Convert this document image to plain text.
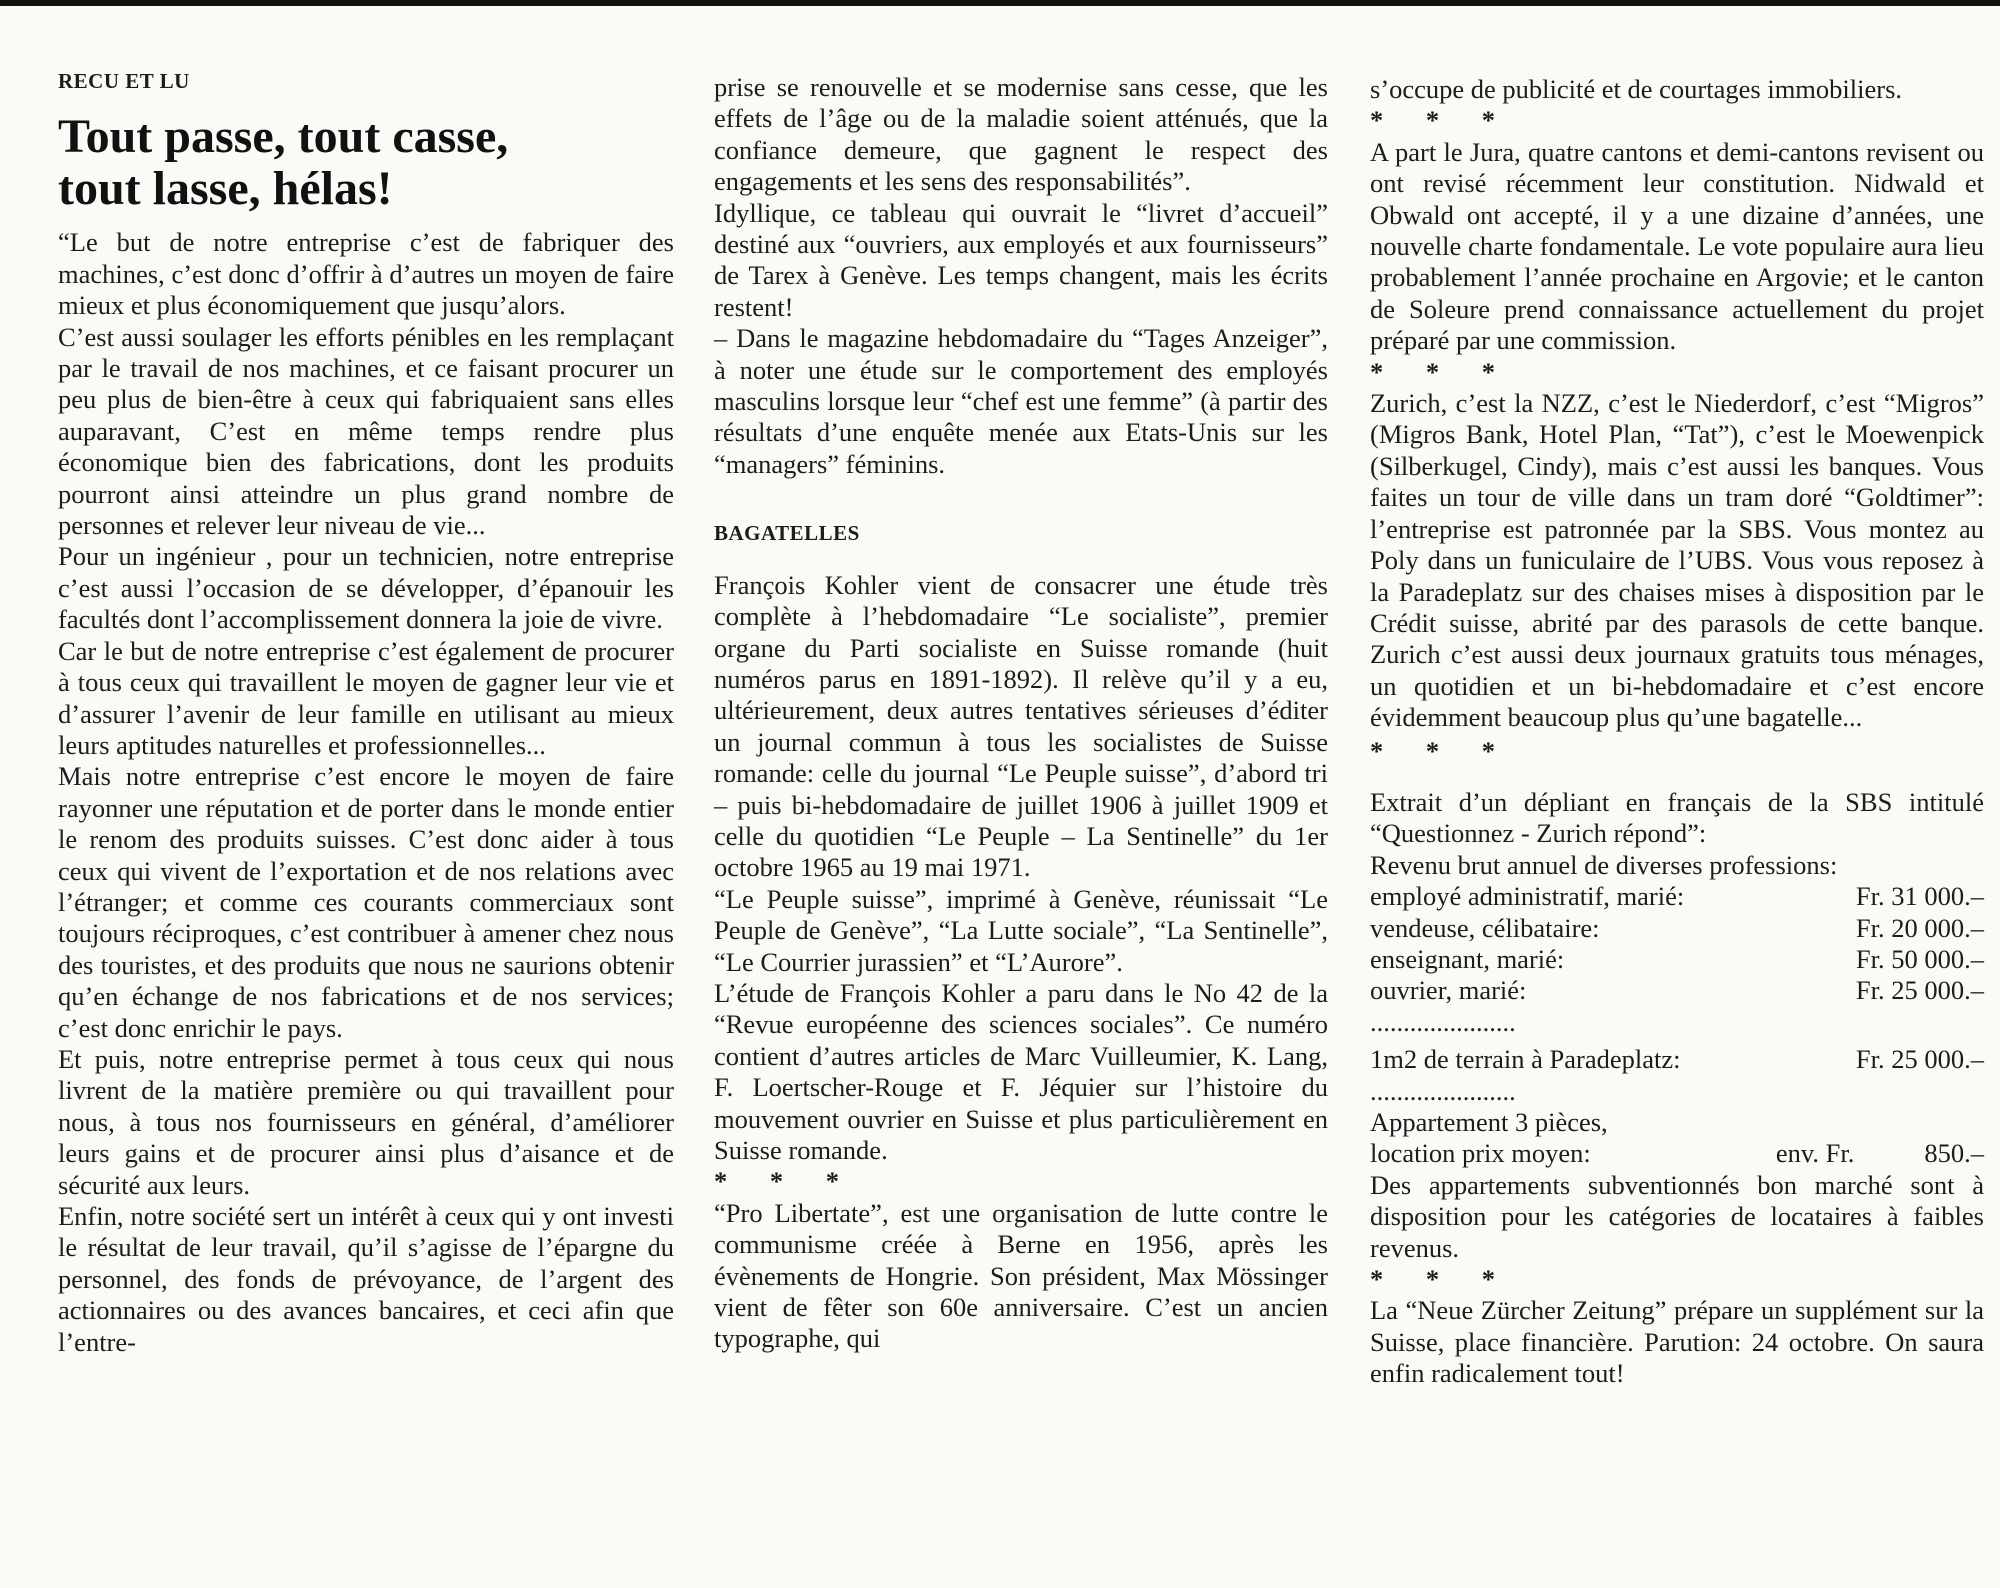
RECU ET LU
Tout passe, tout casse,
tout lasse, hélas!

“Le but de notre entreprise c’est de fabriquer des machines, c’est donc d’offrir à d’autres un moyen de faire mieux et plus économiquement que jusqu’alors.

C’est aussi soulager les efforts pénibles en les remplaçant par le travail de nos machines, et ce faisant procurer un peu plus de bien-être à ceux qui fabriquaient sans elles auparavant, C’est en même temps rendre plus économique bien des fabrications, dont les produits pourront ainsi atteindre un plus grand nombre de personnes et relever leur niveau de vie...

Pour un ingénieur , pour un technicien, notre entreprise c’est aussi l’occasion de se développer, d’épanouir les facultés dont l’accomplissement donnera la joie de vivre.

Car le but de notre entreprise c’est également de procurer à tous ceux qui travaillent le moyen de gagner leur vie et d’assurer l’avenir de leur famille en utilisant au mieux leurs aptitudes naturelles et professionnelles...

Mais notre entreprise c’est encore le moyen de faire rayonner une réputation et de porter dans le monde entier le renom des produits suisses. C’est donc aider à tous ceux qui vivent de l’exportation et de nos relations avec l’étranger; et comme ces courants commerciaux sont toujours réciproques, c’est contribuer à amener chez nous des touristes, et des produits que nous ne saurions obtenir qu’en échange de nos fabrications et de nos services; c’est donc enrichir le pays.

Et puis, notre entreprise permet à tous ceux qui nous livrent de la matière première ou qui travaillent pour nous, à tous nos fournisseurs en général, d’améliorer leurs gains et de procurer ainsi plus d’aisance et de sécurité aux leurs.

Enfin, notre société sert un intérêt à ceux qui y ont investi le résultat de leur travail, qu’il s’agisse de l’épargne du personnel, des fonds de prévoyance, de l’argent des actionnaires ou des avances bancaires, et ceci afin que l’entre-

prise se renouvelle et se modernise sans cesse, que les effets de l’âge ou de la maladie soient atténués, que la confiance demeure, que gagnent le respect des engagements et les sens des responsabilités”.

Idyllique, ce tableau qui ouvrait le “livret d’accueil” destiné aux “ouvriers, aux employés et aux fournisseurs” de Tarex à Genève. Les temps changent, mais les écrits restent!

– Dans le magazine hebdomadaire du “Tages Anzeiger”, à noter une étude sur le comportement des employés masculins lorsque leur “chef est une femme” (à partir des résultats d’une enquête menée aux Etats-Unis sur les “managers” féminins.

BAGATELLES

François Kohler vient de consacrer une étude très complète à l’hebdomadaire “Le socialiste”, premier organe du Parti socialiste en Suisse romande (huit numéros parus en 1891-1892). Il relève qu’il y a eu, ultérieurement, deux autres tentatives sérieuses d’éditer un journal commun à tous les socialistes de Suisse romande: celle du journal “Le Peuple suisse”, d’abord tri – puis bi-hebdomadaire de juillet 1906 à juillet 1909 et celle du quotidien “Le Peuple – La Sentinelle” du 1er octobre 1965 au 19 mai 1971.

“Le Peuple suisse”, imprimé à Genève, réunissait “Le Peuple de Genève”, “La Lutte sociale”, “La Sentinelle”, “Le Courrier jurassien” et “L’Aurore”.

L’étude de François Kohler a paru dans le No 42 de la “Revue européenne des sciences sociales”. Ce numéro contient d’autres articles de Marc Vuilleumier, K. Lang, F. Loertscher-Rouge et F. Jéquier sur l’histoire du mouvement ouvrier en Suisse et plus particulièrement en Suisse romande.

* * *

“Pro Libertate”, est une organisation de lutte contre le communisme créée à Berne en 1956, après les évènements de Hongrie. Son président, Max Mössinger vient de fêter son 60e anniversaire. C’est un ancien typographe, qui

s’occupe de publicité et de courtages immobiliers.

* * *

A part le Jura, quatre cantons et demi-cantons revisent ou ont revisé récemment leur constitution. Nidwald et Obwald ont accepté, il y a une dizaine d’années, une nouvelle charte fondamentale. Le vote populaire aura lieu probablement l’année prochaine en Argovie; et le canton de Soleure prend connaissance actuellement du projet préparé par une commission.

* * *

Zurich, c’est la NZZ, c’est le Niederdorf, c’est “Migros” (Migros Bank, Hotel Plan, “Tat”), c’est le Moewenpick (Silberkugel, Cindy), mais c’est aussi les banques. Vous faites un tour de ville dans un tram doré “Goldtimer”: l’entreprise est patronnée par la SBS. Vous montez au Poly dans un funiculaire de l’UBS. Vous vous reposez à la Paradeplatz sur des chaises mises à disposition par le Crédit suisse, abrité par des parasols de cette banque. Zurich c’est aussi deux journaux gratuits tous ménages, un quotidien et un bi-hebdomadaire et c’est encore évidemment beaucoup plus qu’une bagatelle...

* * *

Extrait d’un dépliant en français de la SBS intitulé “Questionnez - Zurich répond”:

Revenu brut annuel de diverses professions:

employé administratif, marié:	Fr. 31 000.–
vendeuse, célibataire:	Fr. 20 000.–
enseignant, marié:	Fr. 50 000.–
ouvrier, marié:	Fr. 25 000.–

......................

1m2 de terrain à Paradeplatz:	Fr. 25 000.–

......................

Appartement 3 pièces,

location prix moyen:	env. Fr.	850.–

Des appartements subventionnés bon marché sont à disposition pour les catégories de locataires à faibles revenus.

* * *

La “Neue Zürcher Zeitung” prépare un supplément sur la Suisse, place financière. Parution: 24 octobre. On saura enfin radicalement tout!
